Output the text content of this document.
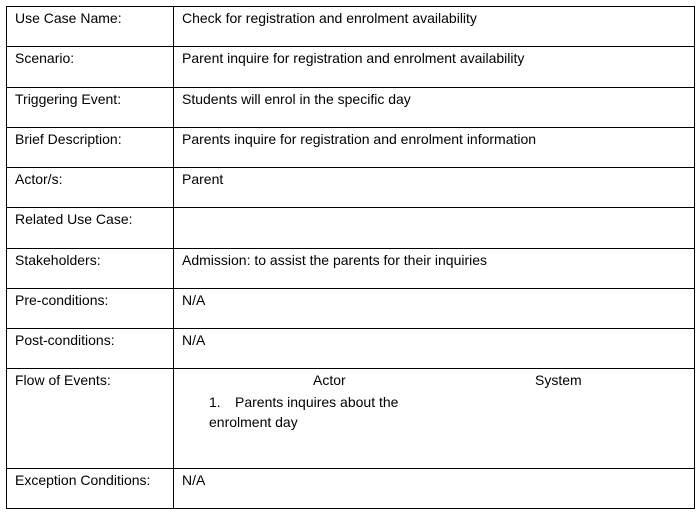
Use Case Name:	Check for registration and enrolment availability
Scenario:	Parent inquire for registration and enrolment availability
Triggering Event:	Students will enrol in the specific day
Brief Description:	Parents inquire for registration and enrolment information
Actor/s:	Parent
Related Use Case:	
Stakeholders:	Admission: to assist the parents for their inquiries
Pre-conditions:	N/A
Post-conditions:	N/A
Flow of Events:	Actor System
1. Parents inquires about the enrolment day

Exception Conditions:	N/A
